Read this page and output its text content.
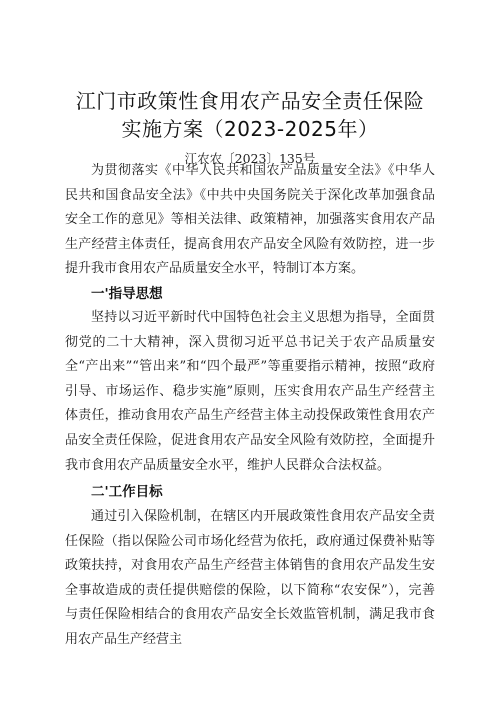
江门市政策性食用农产品安全责任保险
实施方案（2023-2025年）
江农农〔2023〕135号

为贯彻落实《中华人民共和国农产品质量安全法》《中华人民共和国食品安全法》《中共中央国务院关于深化改革加强食品安全工作的意见》等相关法律、政策精神，加强落实食用农产品生产经营主体责任，提高食用农产品安全风险有效防控，进一步提升我市食用农产品质量安全水平，特制订本方案。

一'指导思想

坚持以习近平新时代中国特色社会主义思想为指导，全面贯彻党的二十大精神，深入贯彻习近平总书记关于农产品质量安全“产出来”“管出来”和“四个最严”等重要指示精神，按照“政府引导、市场运作、稳步实施”原则，压实食用农产品生产经营主体责任，推动食用农产品生产经营主体主动投保政策性食用农产品安全责任保险，促进食用农产品安全风险有效防控，全面提升我市食用农产品质量安全水平，维护人民群众合法权益。

二'工作目标

通过引入保险机制，在辖区内开展政策性食用农产品安全责任保险（指以保险公司市场化经营为依托，政府通过保费补贴等政策扶持，对食用农产品生产经营主体销售的食用农产品发生安全事故造成的责任提供赔偿的保险，以下简称“农安保”），完善与责任保险相结合的食用农产品安全长效监管机制，满足我市食用农产品生产经营主
